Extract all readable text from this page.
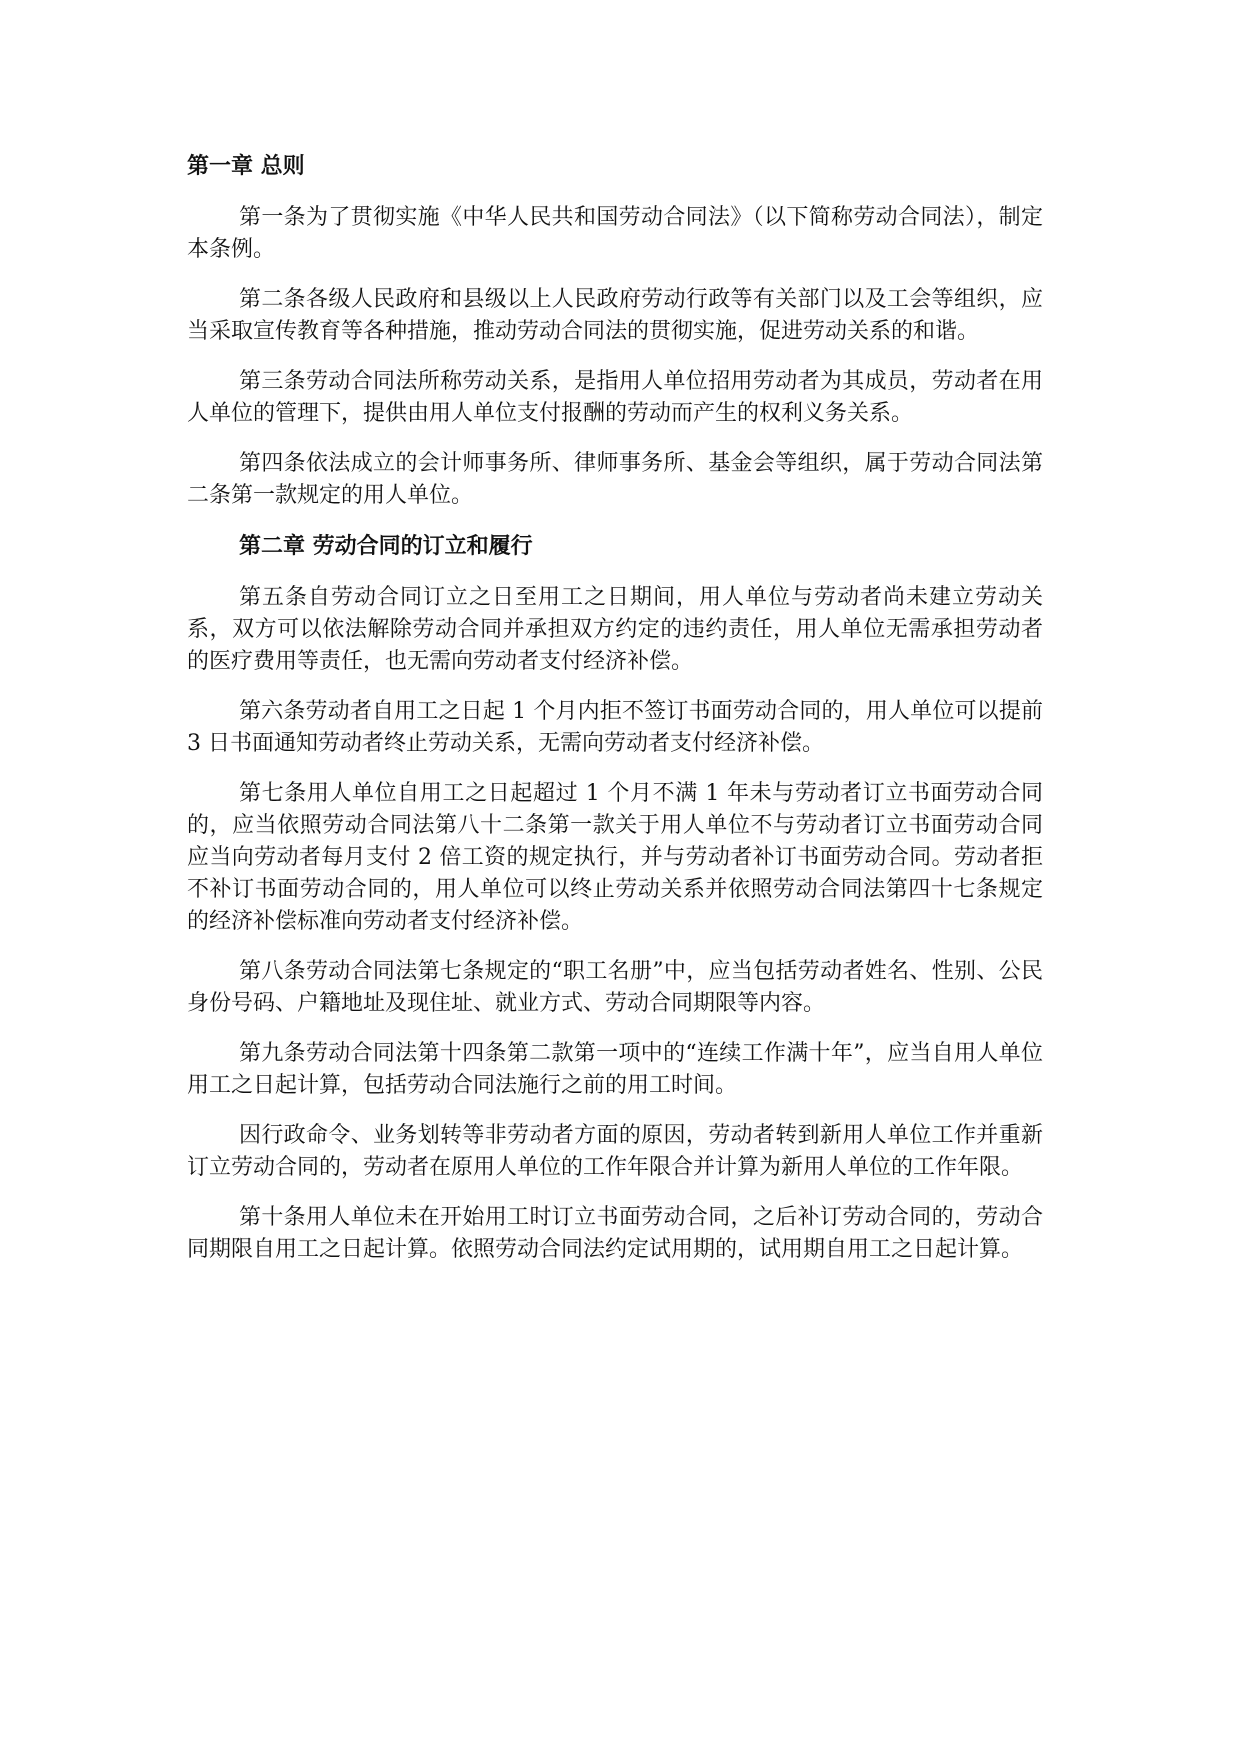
第一章 总则

第一条为了贯彻实施《中华人民共和国劳动合同法》（以下简称劳动合同法），制定本条例。

第二条各级人民政府和县级以上人民政府劳动行政等有关部门以及工会等组织，应当采取宣传教育等各种措施，推动劳动合同法的贯彻实施，促进劳动关系的和谐。

第三条劳动合同法所称劳动关系，是指用人单位招用劳动者为其成员，劳动者在用人单位的管理下，提供由用人单位支付报酬的劳动而产生的权利义务关系。

第四条依法成立的会计师事务所、律师事务所、基金会等组织，属于劳动合同法第二条第一款规定的用人单位。

第二章 劳动合同的订立和履行

第五条自劳动合同订立之日至用工之日期间，用人单位与劳动者尚未建立劳动关系，双方可以依法解除劳动合同并承担双方约定的违约责任，用人单位无需承担劳动者的医疗费用等责任，也无需向劳动者支付经济补偿。

第六条劳动者自用工之日起 1 个月内拒不签订书面劳动合同的，用人单位可以提前 3 日书面通知劳动者终止劳动关系，无需向劳动者支付经济补偿。

第七条用人单位自用工之日起超过 1 个月不满 1 年未与劳动者订立书面劳动合同的，应当依照劳动合同法第八十二条第一款关于用人单位不与劳动者订立书面劳动合同应当向劳动者每月支付 2 倍工资的规定执行，并与劳动者补订书面劳动合同。劳动者拒不补订书面劳动合同的，用人单位可以终止劳动关系并依照劳动合同法第四十七条规定的经济补偿标准向劳动者支付经济补偿。

第八条劳动合同法第七条规定的“职工名册”中，应当包括劳动者姓名、性别、公民身份号码、户籍地址及现住址、就业方式、劳动合同期限等内容。

第九条劳动合同法第十四条第二款第一项中的“连续工作满十年”，应当自用人单位用工之日起计算，包括劳动合同法施行之前的用工时间。

因行政命令、业务划转等非劳动者方面的原因，劳动者转到新用人单位工作并重新订立劳动合同的，劳动者在原用人单位的工作年限合并计算为新用人单位的工作年限。

第十条用人单位未在开始用工时订立书面劳动合同，之后补订劳动合同的，劳动合同期限自用工之日起计算。依照劳动合同法约定试用期的，试用期自用工之日起计算。
